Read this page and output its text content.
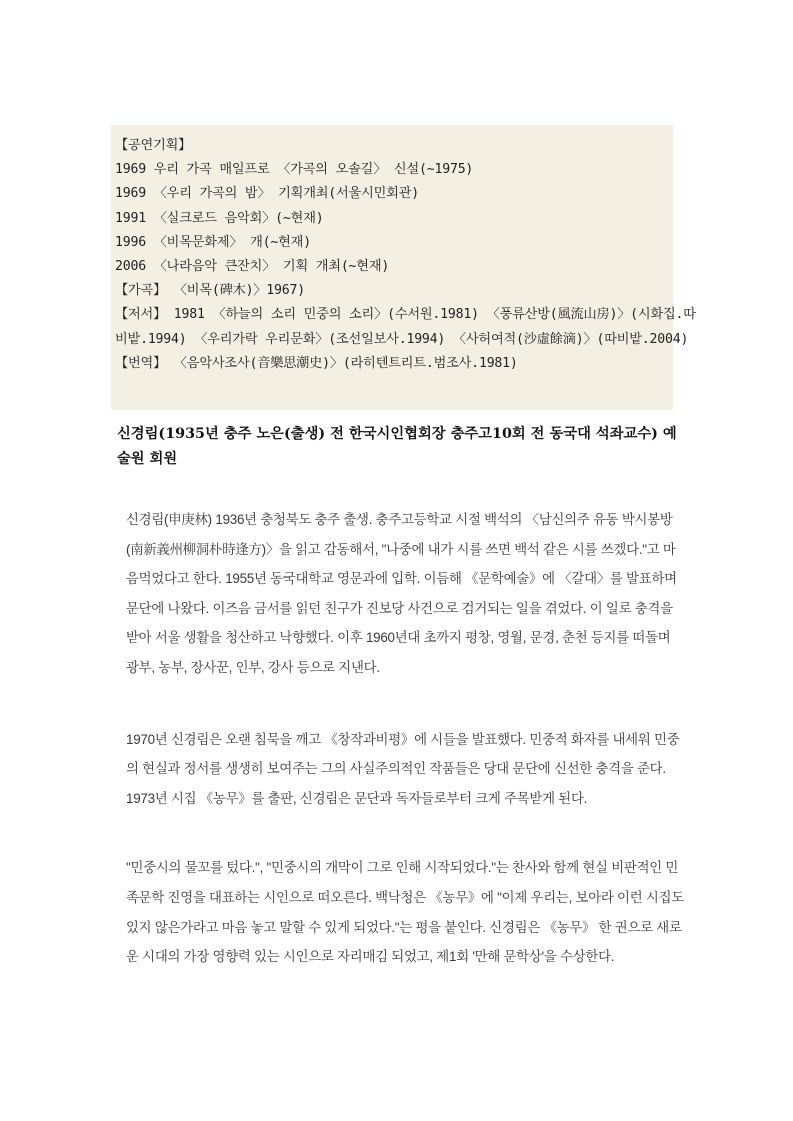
【공연기획】
1969 우리 가곡 매일프로 〈가곡의 오솔길〉 신설(~1975)
1969 〈우리 가곡의 밤〉 기획개최(서울시민회관)
1991 〈실크로드 음악회〉(~현재)
1996 〈비목문화제〉 개(~현재)
2006 〈나라음악 큰잔치〉 기획 개최(~현재)
【가곡】 〈비목(碑木)〉1967)
【저서】 1981 〈하늘의 소리 민중의 소리〉(수서원.1981) 〈풍류산방(風流山房)〉(시화집.따
비밭.1994) 〈우리가락 우리문화〉(조선일보사.1994) 〈사허여적(沙虛餘滴)〉(따비밭.2004)
【번역】 〈음악사조사(音樂思潮史)〉(라히텐트리트.범조사.1981)
신경림(1935년 충주 노은(출생) 전 한국시인협회장 충주고10회 전 동국대 석좌교수) 예술원 회원

신경림(申庚林) 1936년 충청북도 충주 출생. 충주고등학교 시절 백석의 〈남신의주 유동 박시봉방(南新義州柳洞朴時逢方)〉을 읽고 감동해서, "나중에 내가 시를 쓰면 백석 같은 시를 쓰겠다."고 마음먹었다고 한다. 1955년 동국대학교 영문과에 입학. 이듬해 《문학예술》에 〈갈대〉를 발표하며 문단에 나왔다. 이즈음 금서를 읽던 친구가 진보당 사건으로 검거되는 일을 겪었다. 이 일로 충격을 받아 서울 생활을 청산하고 낙향했다. 이후 1960년대 초까지 평창, 영월, 문경, 춘천 등지를 떠돌며 광부, 농부, 장사꾼, 인부, 강사 등으로 지낸다.

1970년 신경림은 오랜 침묵을 깨고 《창작과비평》에 시들을 발표했다. 민중적 화자를 내세워 민중의 현실과 정서를 생생히 보여주는 그의 사실주의적인 작품들은 당대 문단에 신선한 충격을 준다. 1973년 시집 《농무》를 출판, 신경림은 문단과 독자들로부터 크게 주목받게 된다.

"민중시의 물꼬를 텄다.", "민중시의 개막이 그로 인해 시작되었다."는 찬사와 함께 현실 비판적인 민족문학 진영을 대표하는 시인으로 떠오른다. 백낙청은 《농무》에 "이제 우리는, 보아라 이런 시집도 있지 않은가라고 마음 놓고 말할 수 있게 되었다."는 평을 붙인다. 신경림은 《농무》 한 권으로 새로운 시대의 가장 영향력 있는 시인으로 자리매김 되었고, 제1회 '만해 문학상'을 수상한다.
